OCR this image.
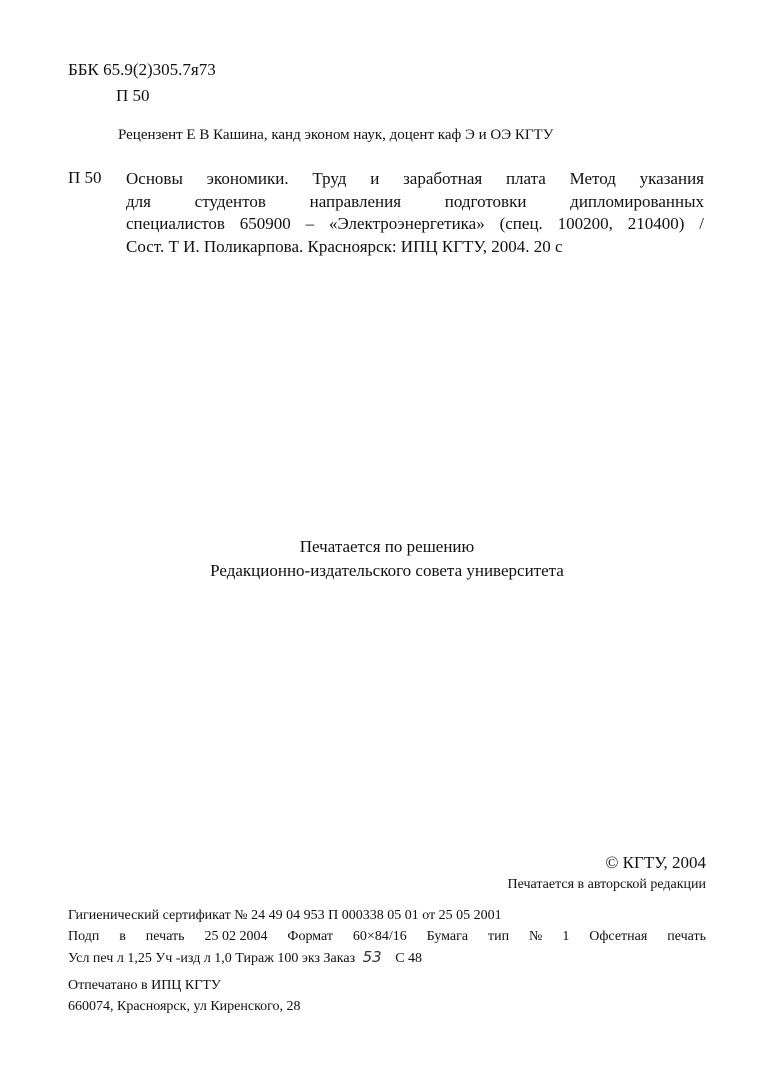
ББК 65.9(2)305.7я73
П 50
Рецензент Е В Кашина, канд эконом наук, доцент каф Э и ОЭ КГТУ
П 50 Основы экономики. Труд и заработная плата Метод указания
для студентов направления подготовки дипломированных
специалистов 650900 – «Электроэнергетика» (спец. 100200, 210400) /
Сост. Т И. Поликарпова. Красноярск: ИПЦ КГТУ, 2004. 20 с
Печатается по решению
Редакционно-издательского совета университета
© КГТУ, 2004
Печатается в авторской редакции
Гигиенический сертификат № 24 49 04 953 П 000338 05 01 от 25 05 2001
Подп в печать 25 02 2004 Формат 60×84/16 Бумага тип № 1 Офсетная печать
Усл печ л 1,25 Уч -изд л 1,0 Тираж 100 экз Заказ 53 С 48
Отпечатано в ИПЦ КГТУ
660074, Красноярск, ул Киренского, 28
